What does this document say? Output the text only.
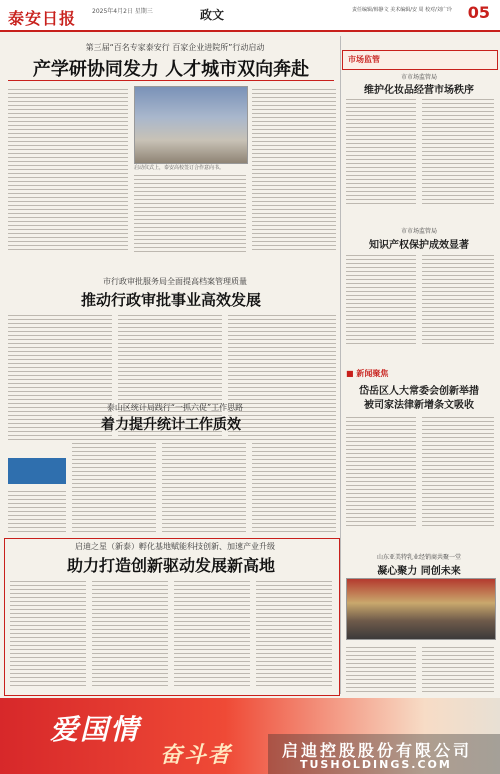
泰安日报	2025年4月2日 星期三	政文	责任编辑/韩静文 美术编辑/安 周 校对/刘广玲 05
第三届“百名专家泰安行 百家企业进院所”行动启动
产学研协同发力 人才城市双向奔赴
启动仪式上，泰安高校签订合作意向书。
市行政审批服务局全面提高档案管理质量
推动行政审批事业高效发展
泰山区统计局践行“一抓六促”工作思路
着力提升统计工作质效
启迪之星（新泰）孵化基地赋能科技创新、加速产业升级
助力打造创新驱动发展新高地
市场监管
市市场监管局
维护化妆品经营市场秩序
市市场监管局
知识产权保护成效显著
■ 新闻聚焦
岱岳区人大常委会创新举措
被司家法律新增条文吸收
山东亚美特乳业经销商共聚一堂
凝心聚力 同创未来
爱国情
奋斗者	启迪控股股份有限公司
TUSHOLDINGS.COM
